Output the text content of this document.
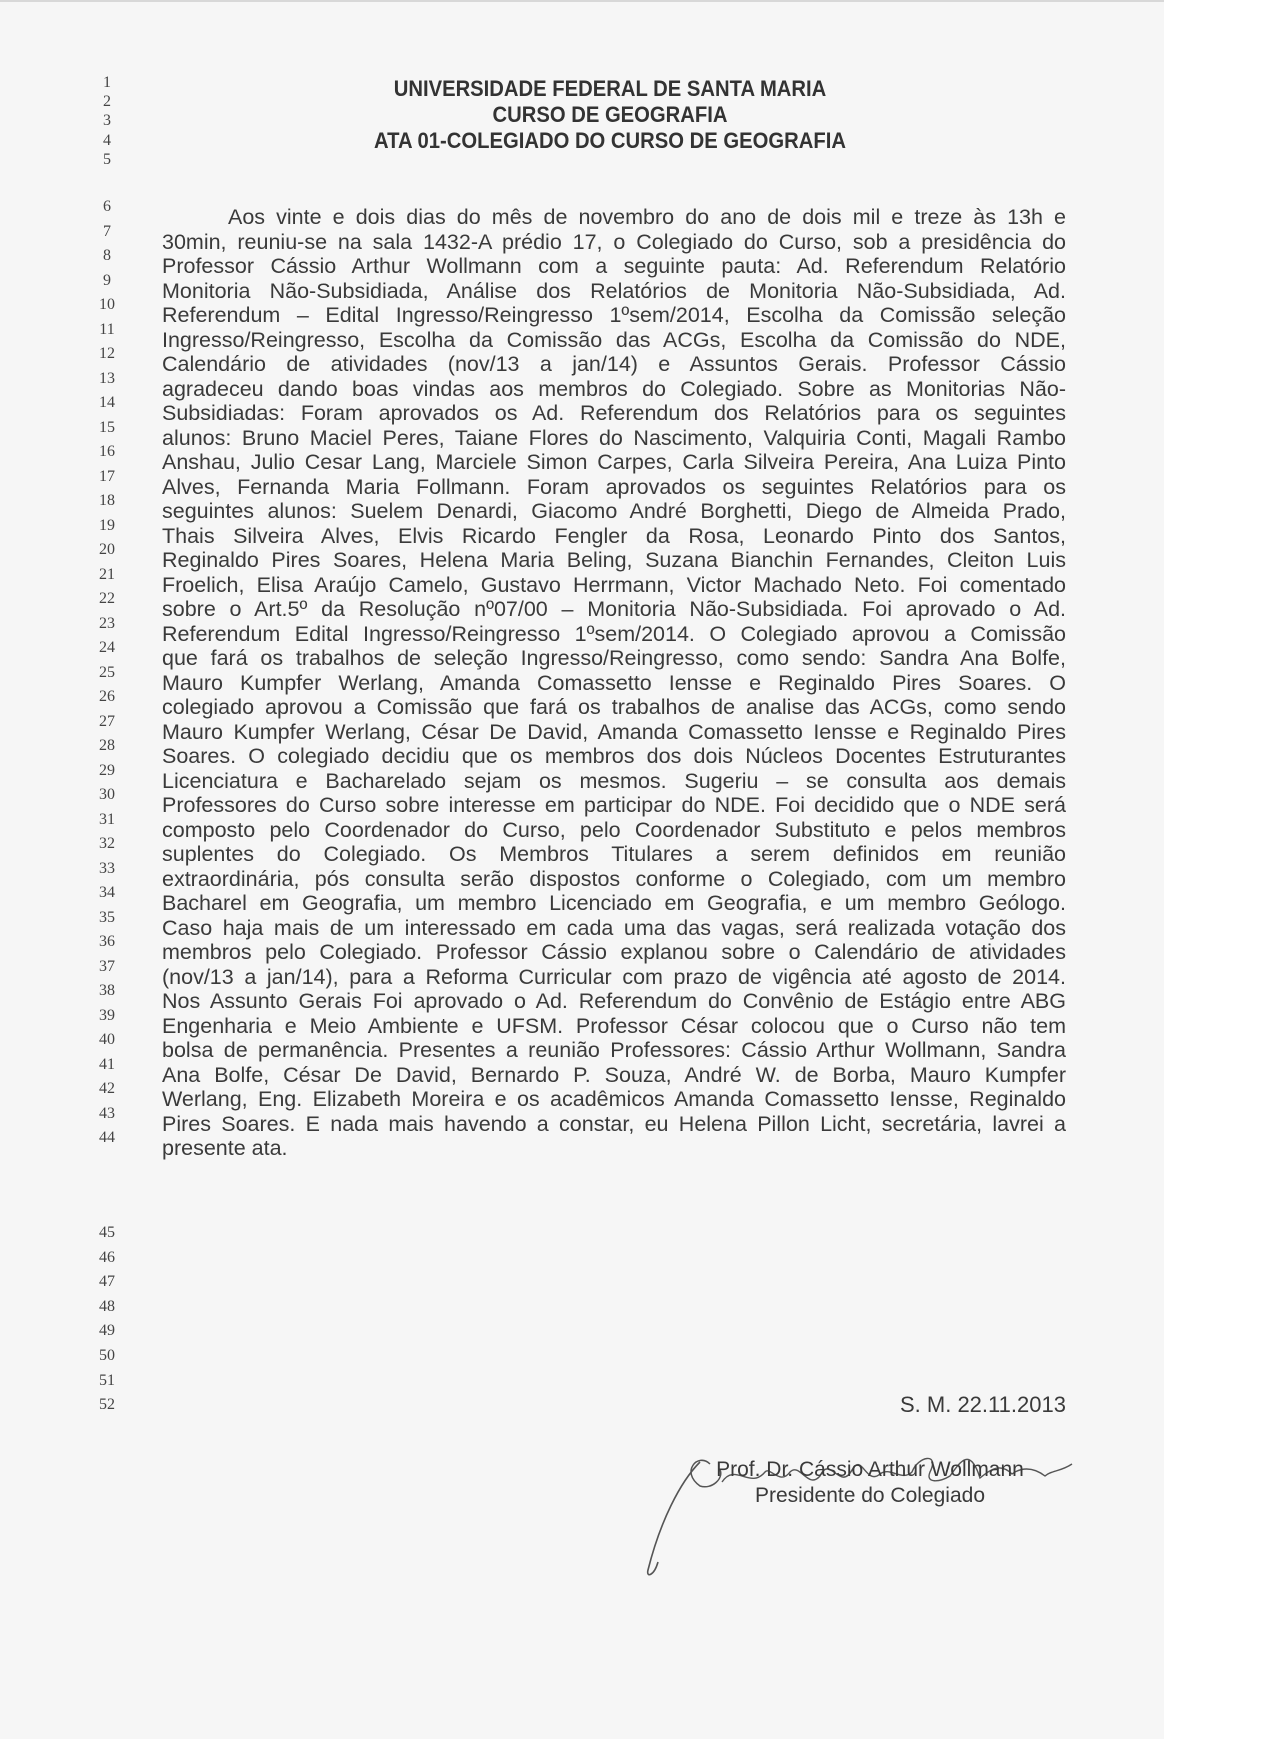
1
2
3
4
5
6
7
8
9
10
11
12
13
14
15
16
17
18
19
20
21
22
23
24
25
26
27
28
29
30
31
32
33
34
35
36
37
38
39
40
41
42
43
44
45
46
47
48
49
50
51
52
UNIVERSIDADE FEDERAL DE SANTA MARIA
CURSO DE GEOGRAFIA
ATA 01-COLEGIADO DO CURSO DE GEOGRAFIA
Aos vinte e dois dias do mês de novembro do ano de dois mil e treze às 13h e
30min, reuniu-se na sala 1432-A prédio 17, o Colegiado do Curso, sob a presidência do
Professor Cássio Arthur Wollmann com a seguinte pauta: Ad. Referendum Relatório
Monitoria Não-Subsidiada, Análise dos Relatórios de Monitoria Não-Subsidiada, Ad.
Referendum – Edital Ingresso/Reingresso 1ºsem/2014, Escolha da Comissão seleção
Ingresso/Reingresso, Escolha da Comissão das ACGs, Escolha da Comissão do NDE,
Calendário de atividades (nov/13 a jan/14) e Assuntos Gerais. Professor Cássio
agradeceu dando boas vindas aos membros do Colegiado. Sobre as Monitorias Não-
Subsidiadas: Foram aprovados os Ad. Referendum dos Relatórios para os seguintes
alunos: Bruno Maciel Peres, Taiane Flores do Nascimento, Valquiria Conti, Magali Rambo
Anshau, Julio Cesar Lang, Marciele Simon Carpes, Carla Silveira Pereira, Ana Luiza Pinto
Alves, Fernanda Maria Follmann. Foram aprovados os seguintes Relatórios para os
seguintes alunos: Suelem Denardi, Giacomo André Borghetti, Diego de Almeida Prado,
Thais Silveira Alves, Elvis Ricardo Fengler da Rosa, Leonardo Pinto dos Santos,
Reginaldo Pires Soares, Helena Maria Beling, Suzana Bianchin Fernandes, Cleiton Luis
Froelich, Elisa Araújo Camelo, Gustavo Herrmann, Victor Machado Neto. Foi comentado
sobre o Art.5º da Resolução nº07/00 – Monitoria Não-Subsidiada. Foi aprovado o Ad.
Referendum Edital Ingresso/Reingresso 1ºsem/2014. O Colegiado aprovou a Comissão
que fará os trabalhos de seleção Ingresso/Reingresso, como sendo: Sandra Ana Bolfe,
Mauro Kumpfer Werlang, Amanda Comassetto Iensse e Reginaldo Pires Soares. O
colegiado aprovou a Comissão que fará os trabalhos de analise das ACGs, como sendo
Mauro Kumpfer Werlang, César De David, Amanda Comassetto Iensse e Reginaldo Pires
Soares. O colegiado decidiu que os membros dos dois Núcleos Docentes Estruturantes
Licenciatura e Bacharelado sejam os mesmos. Sugeriu – se consulta aos demais
Professores do Curso sobre interesse em participar do NDE. Foi decidido que o NDE será
composto pelo Coordenador do Curso, pelo Coordenador Substituto e pelos membros
suplentes do Colegiado. Os Membros Titulares a serem definidos em reunião
extraordinária, pós consulta serão dispostos conforme o Colegiado, com um membro
Bacharel em Geografia, um membro Licenciado em Geografia, e um membro Geólogo.
Caso haja mais de um interessado em cada uma das vagas, será realizada votação dos
membros pelo Colegiado. Professor Cássio explanou sobre o Calendário de atividades
(nov/13 a jan/14), para a Reforma Curricular com prazo de vigência até agosto de 2014.
Nos Assunto Gerais Foi aprovado o Ad. Referendum do Convênio de Estágio entre ABG
Engenharia e Meio Ambiente e UFSM. Professor César colocou que o Curso não tem
bolsa de permanência. Presentes a reunião Professores: Cássio Arthur Wollmann, Sandra
Ana Bolfe, César De David, Bernardo P. Souza, André W. de Borba, Mauro Kumpfer
Werlang, Eng. Elizabeth Moreira e os acadêmicos Amanda Comassetto Iensse, Reginaldo
Pires Soares. E nada mais havendo a constar, eu Helena Pillon Licht, secretária, lavrei a
presente ata.
S. M. 22.11.2013
Prof. Dr. Cássio Arthur Wollmann
Presidente do Colegiado
